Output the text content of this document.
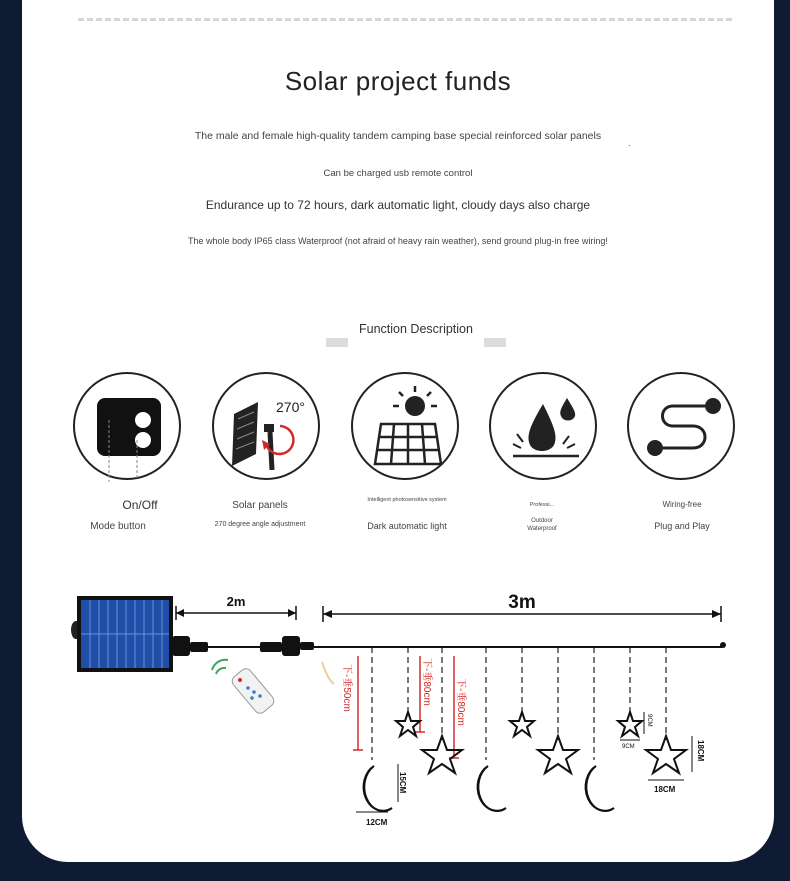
Solar project funds
The male and female high-quality tandem camping base special reinforced solar panels
.
Can be charged usb remote control
Endurance up to 72 hours, dark automatic light, cloudy days also charge
The whole body IP65 class Waterproof (not afraid of heavy rain weather), send ground plug-in free wiring!
Function Description
270°
On/Off
Mode button
Solar panels
270 degree angle adjustment
Intelligent photosensitive system
Dark automatic light
Professi...
Outdoor Waterproof
Wiring-free
Plug and Play
2m	3m
下-垂50cm	下-垂80cm 下-垂80cm
12CM
15CM	18CM
18CM
9CM
9CM
